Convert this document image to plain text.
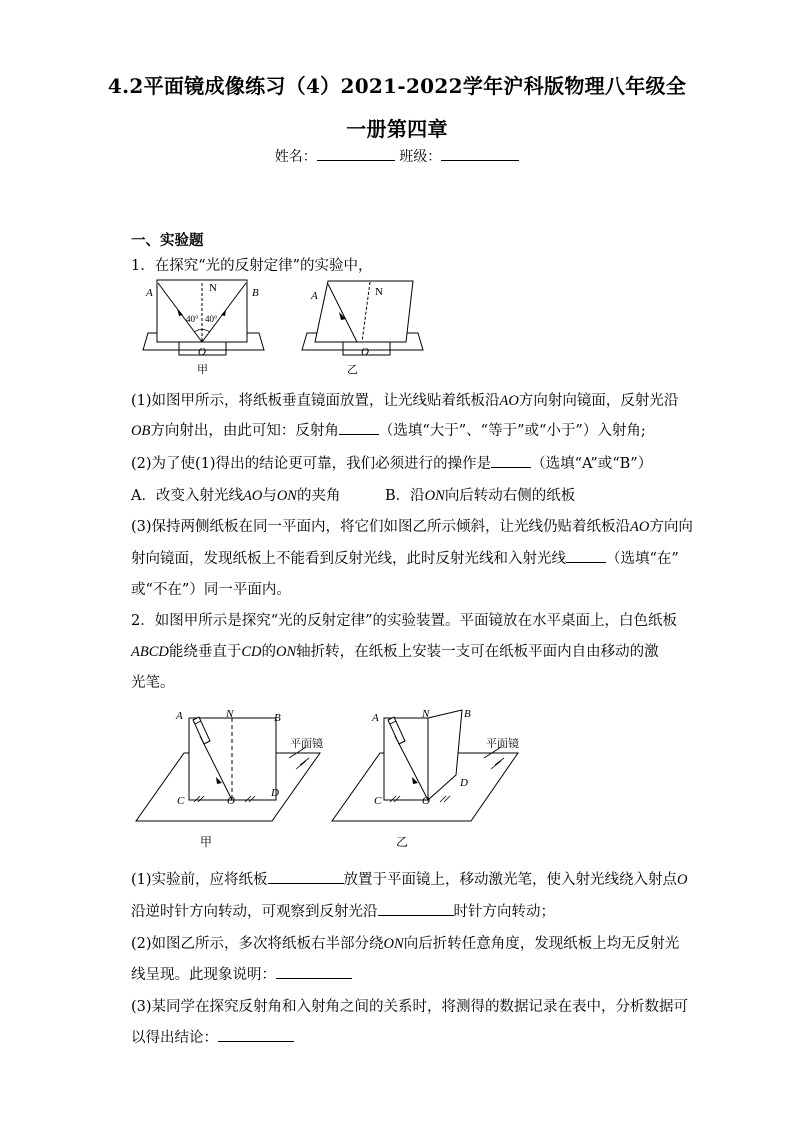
4.2平面镜成像练习（4）2021-2022学年沪科版物理八年级全
一册第四章
姓名：	班级：
一、实验题
1．在探究“光的反射定律”的实验中，
A	B
N
O
40° 40°
甲
A	N
O
乙
(1)如图甲所示，将纸板垂直镜面放置，让光线贴着纸板沿AO方向射向镜面，反射光沿
OB方向射出，由此可知：反射角	（选填“大于”、“等于”或“小于”）入射角;
(2)为了使(1)得出的结论更可靠，我们必须进行的操作是	（选填“A”或“B”）
A．改变入射光线AO与ON的夹角	B．沿ON向后转动右侧的纸板
(3)保持两侧纸板在同一平面内，将它们如图乙所示倾斜，让光线仍贴着纸板沿AO方向向
射向镜面，发现纸板上不能看到反射光线，此时反射光线和入射光线	（选填“在”
或“不在”）同一平面内。
2．如图甲所示是探究“光的反射定律”的实验装置。平面镜放在水平桌面上，白色纸板
ABCD能绕垂直于CD的ON轴折转，在纸板上安装一支可在纸板平面内自由移动的激
光笔。
A	N	B
C	O
D
平面镜
甲
A	N	B
C	O
D
平面镜
乙
(1)实验前，应将纸板	放置于平面镜上，移动激光笔，使入射光线绕入射点O
沿逆时针方向转动，可观察到反射光沿	时针方向转动；
(2)如图乙所示，多次将纸板右半部分绕ON向后折转任意角度，发现纸板上均无反射光
线呈现。此现象说明：
(3)某同学在探究反射角和入射角之间的关系时，将测得的数据记录在表中，分析数据可
以得出结论：
